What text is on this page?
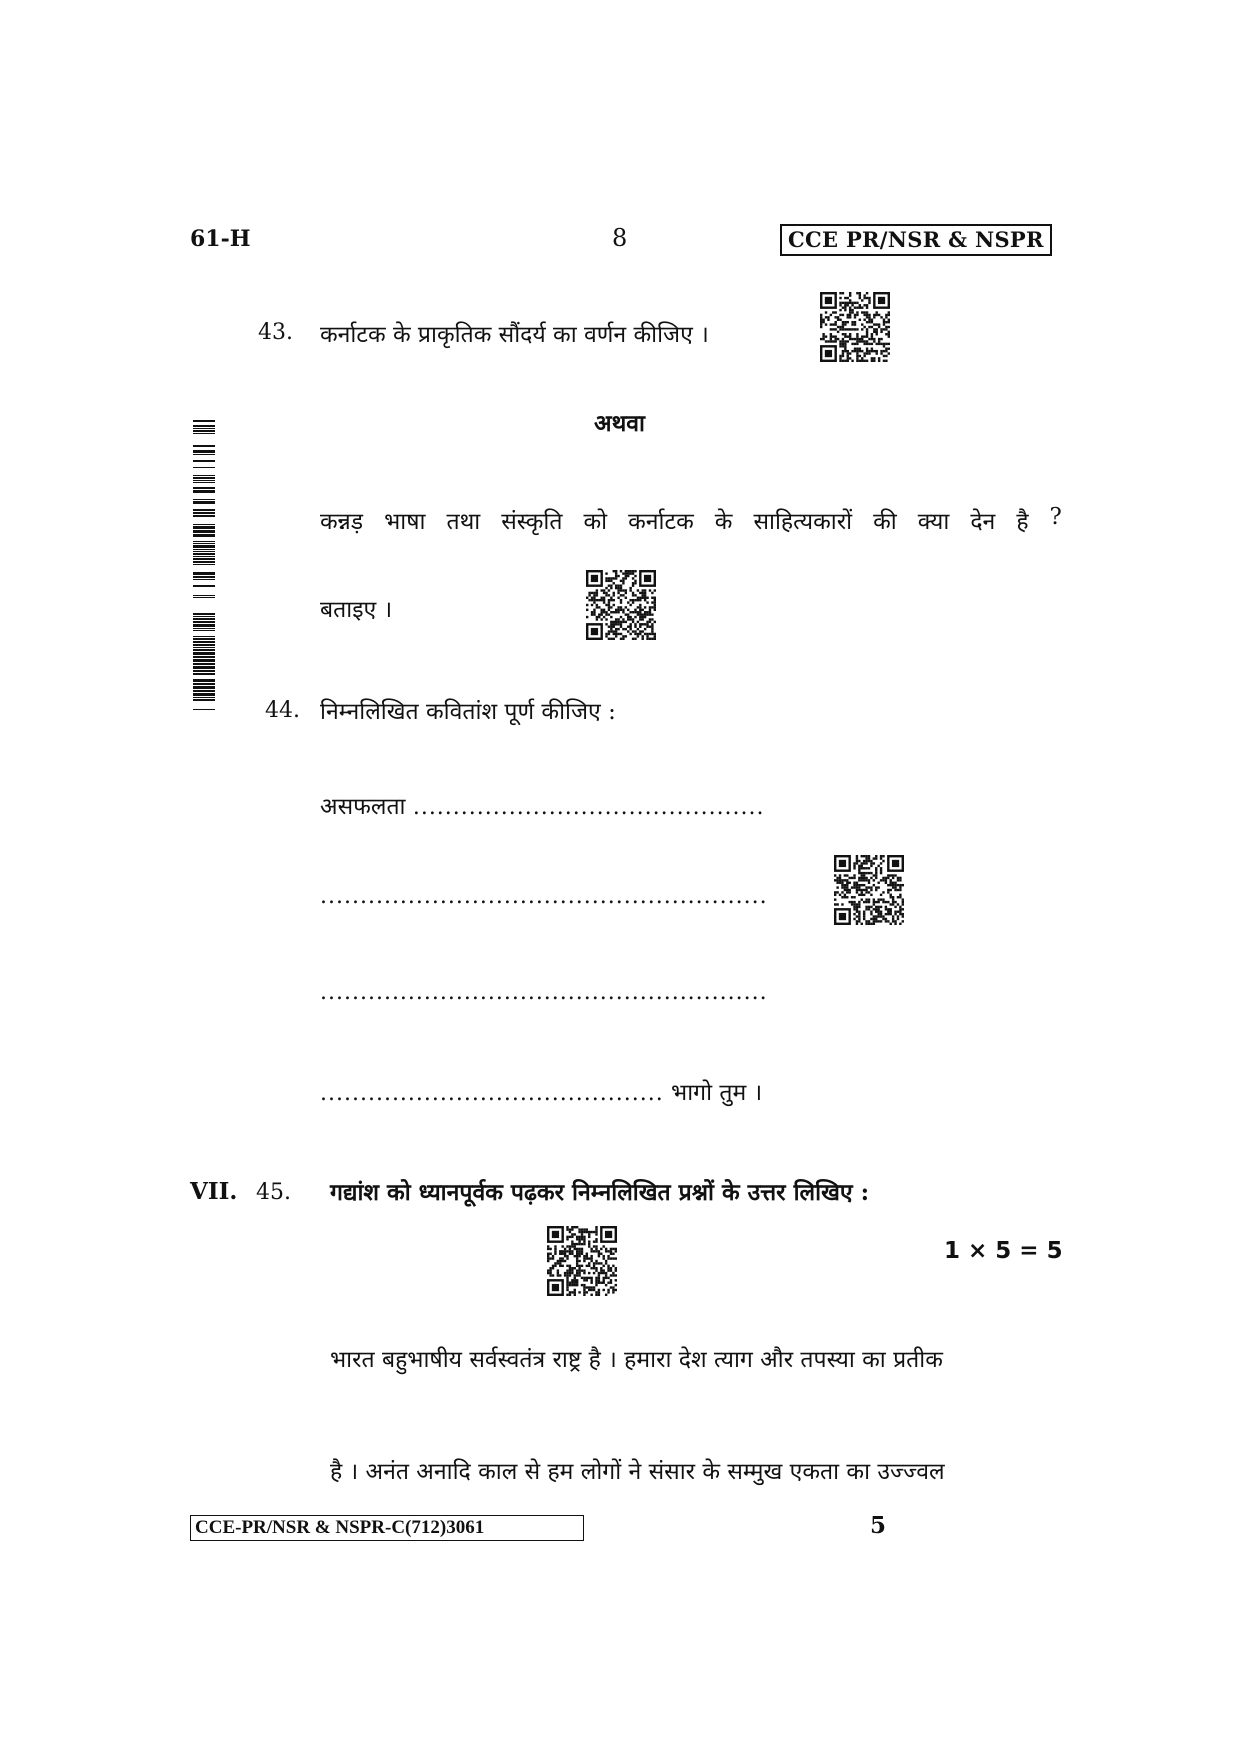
61-H	8	CCE PR/NSR & NSPR
43. कर्नाटक के प्राकृतिक सौंदर्य का वर्णन कीजिए ।
अथवा
कन्नड़ भाषा तथा संस्कृति को कर्नाटक के साहित्यकारों की क्या देन है ?
बताइए ।
44. निम्नलिखित कवितांश पूर्ण कीजिए :
असफलता ............................................
........................................................
........................................................
........................................... भागो तुम ।
VII. 45. गद्यांश को ध्यानपूर्वक पढ़कर निम्नलिखित प्रश्नों के उत्तर लिखिए :
1 × 5 = 5
भारत बहुभाषीय सर्वस्वतंत्र राष्ट्र है । हमारा देश त्याग और तपस्या का प्रतीक
है । अनंत अनादि काल से हम लोगों ने संसार के सम्मुख एकता का उज्ज्वल
CCE-PR/NSR & NSPR-C(712)3061	5
